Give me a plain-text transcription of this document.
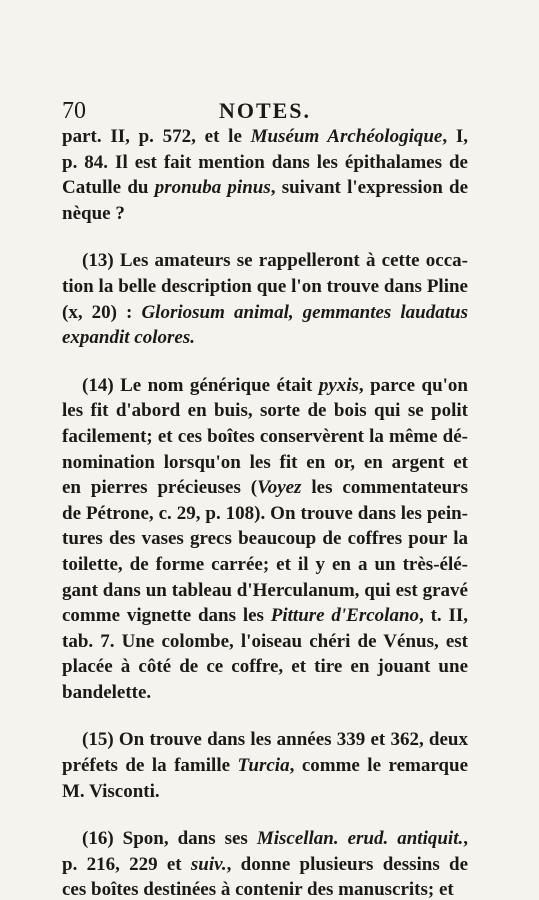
70	NOTES.
part. II, p. 572, et le Muséum Archéologique, I,
p. 84. Il est fait mention dans les épithalames de
Catulle du pronuba pinus, suivant l'expression de
nèque ?
(13) Les amateurs se rappelleront à cette occa-
tion la belle description que l'on trouve dans Pline
(x, 20) : Gloriosum animal, gemmantes laudatus
expandit colores.
(14) Le nom générique était pyxis, parce qu'on
les fit d'abord en buis, sorte de bois qui se polit
facilement; et ces boîtes conservèrent la même dé-
nomination lorsqu'on les fit en or, en argent et
en pierres précieuses (Voyez les commentateurs
de Pétrone, c. 29, p. 108). On trouve dans les pein-
tures des vases grecs beaucoup de coffres pour la
toilette, de forme carrée; et il y en a un très-élé-
gant dans un tableau d'Herculanum, qui est gravé
comme vignette dans les Pitture d'Ercolano, t. II,
tab. 7. Une colombe, l'oiseau chéri de Vénus, est
placée à côté de ce coffre, et tire en jouant une
bandelette.
(15) On trouve dans les années 339 et 362, deux
préfets de la famille Turcia, comme le remarque
M. Visconti.
(16) Spon, dans ses Miscellan. erud. antiquit.,
p. 216, 229 et suiv., donne plusieurs dessins de
ces boîtes destinées à contenir des manuscrits; et
